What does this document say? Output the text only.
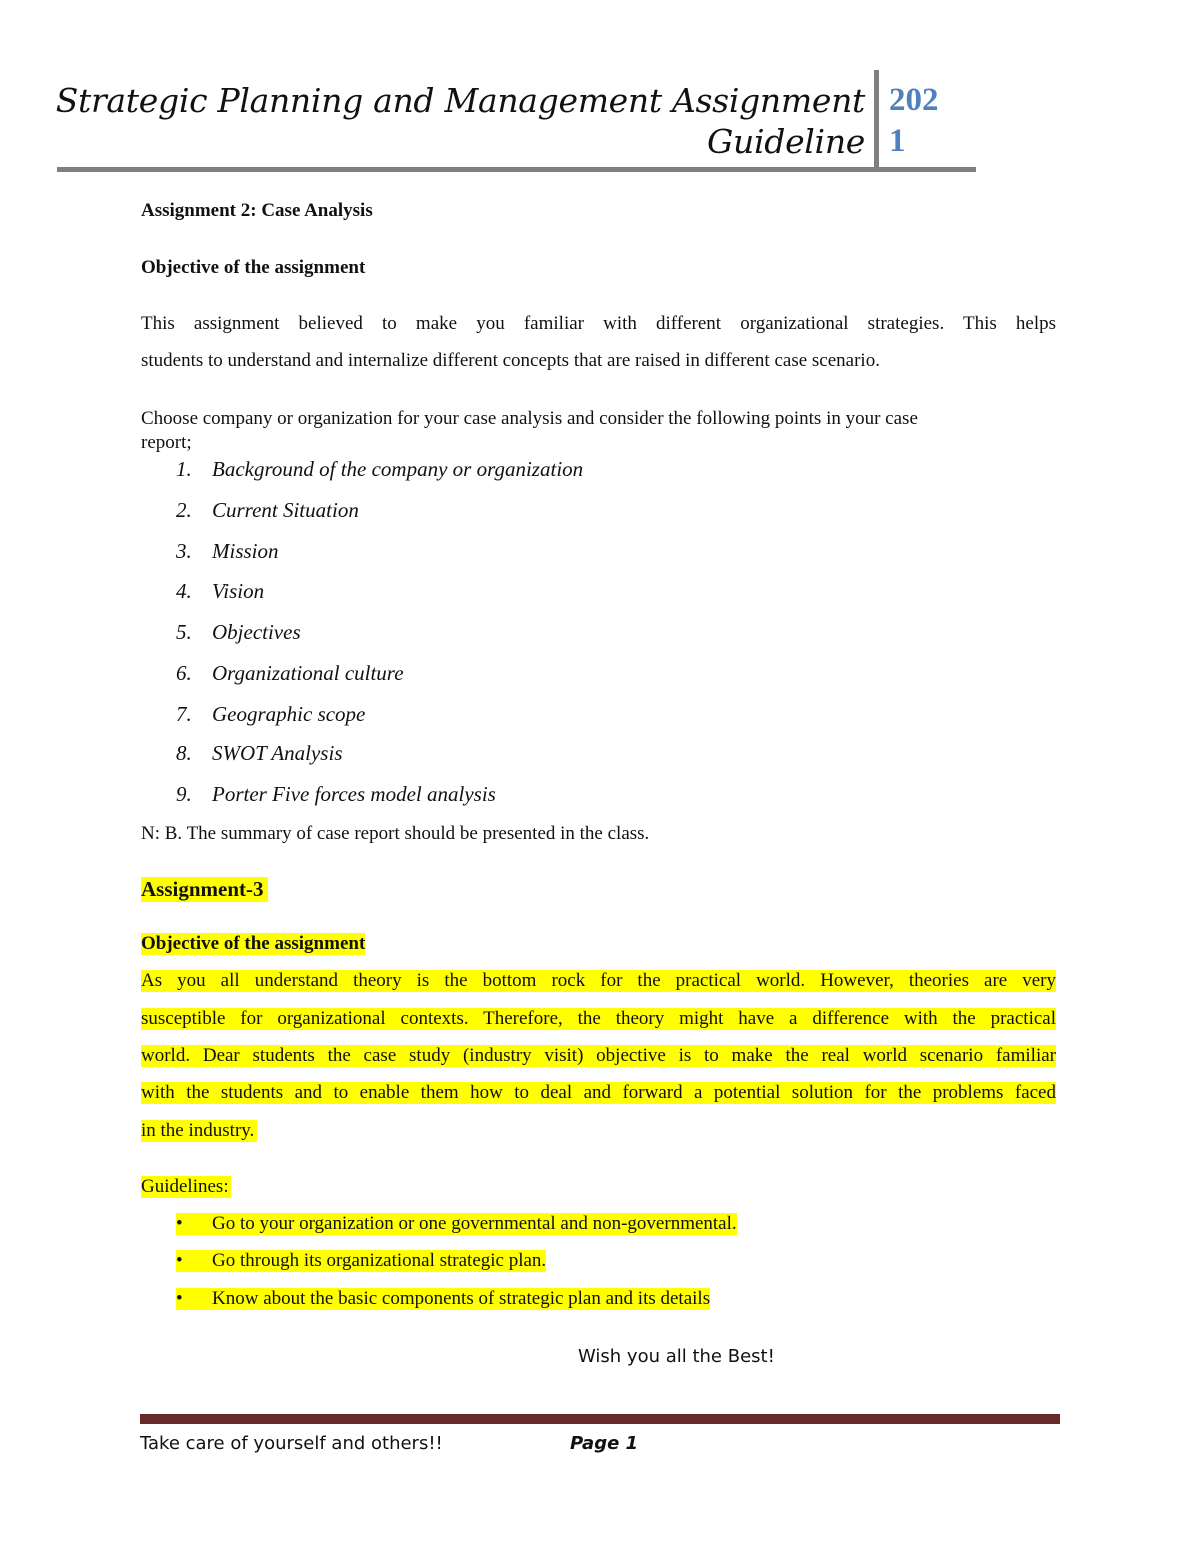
Strategic Planning and Management Assignment
Guideline
202
1
Assignment 2: Case Analysis
Objective of the assignment
This assignment believed to make you familiar with different organizational strategies. This helps
students to understand and internalize different concepts that are raised in different case scenario.
Choose company or organization for your case analysis and consider the following points in your case
report;
1. Background of the company or organization
2. Current Situation
3. Mission
4. Vision
5. Objectives
6. Organizational culture
7. Geographic scope
8. SWOT Analysis
9. Porter Five forces model analysis
N: B. The summary of case report should be presented in the class.
Assignment-3
Objective of the assignment
As you all understand theory is the bottom rock for the practical world. However, theories are very
susceptible for organizational contexts. Therefore, the theory might have a difference with the practical
world. Dear students the case study (industry visit) objective is to make the real world scenario familiar
with the students and to enable them how to deal and forward a potential solution for the problems faced
in the industry.
Guidelines:
• Go to your organization or one governmental and non-governmental.
• Go through its organizational strategic plan.
• Know about the basic components of strategic plan and its details
Wish you all the Best!
Take care of yourself and others!!	Page 1
